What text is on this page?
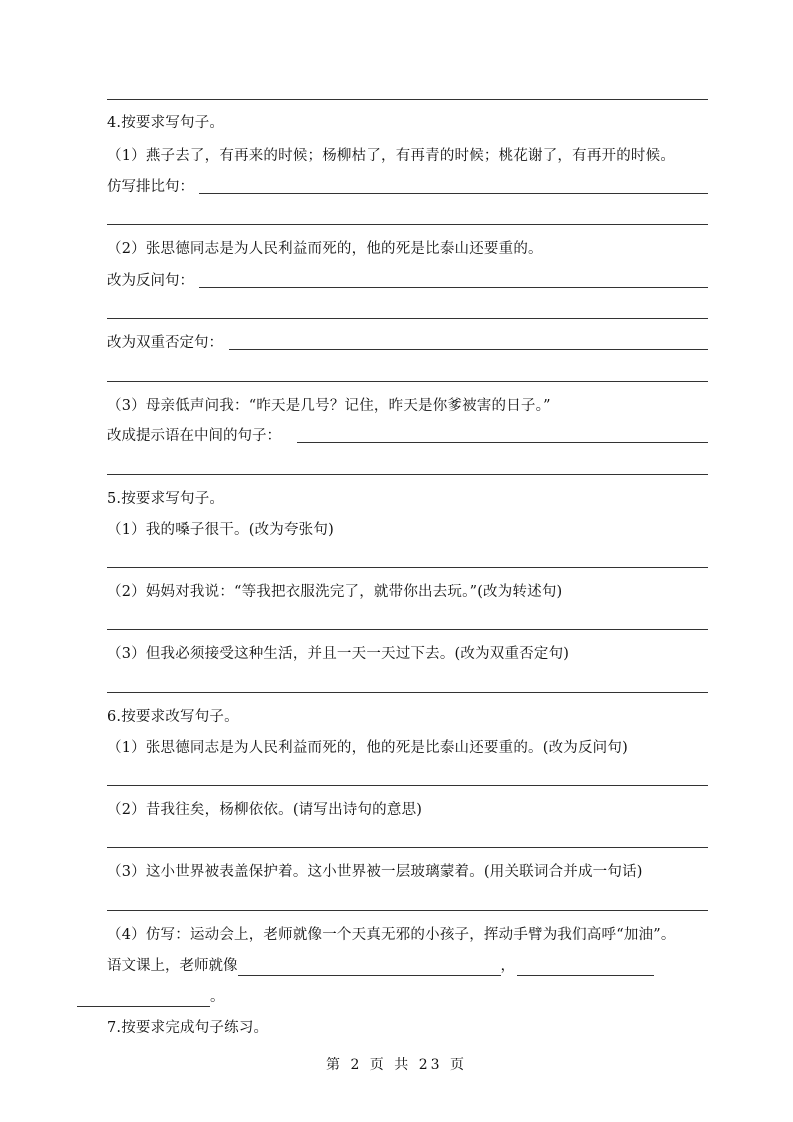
4.按要求写句子。
（1）燕子去了，有再来的时候；杨柳枯了，有再青的时候；桃花谢了，有再开的时候。
仿写排比句：
（2）张思德同志是为人民利益而死的，他的死是比泰山还要重的。
改为反问句：
改为双重否定句：
（3）母亲低声问我：“昨天是几号？记住，昨天是你爹被害的日子。”
改成提示语在中间的句子：
5.按要求写句子。
（1）我的嗓子很干。(改为夸张句)
（2）妈妈对我说：“等我把衣服洗完了，就带你出去玩。”(改为转述句)
（3）但我必须接受这种生活，并且一天一天过下去。(改为双重否定句)
6.按要求改写句子。
（1）张思德同志是为人民利益而死的，他的死是比泰山还要重的。(改为反问句)
（2）昔我往矣，杨柳依依。(请写出诗句的意思)
（3）这小世界被表盖保护着。这小世界被一层玻璃蒙着。(用关联词合并成一句话)
（4）仿写：运动会上，老师就像一个天真无邪的小孩子，挥动手臂为我们高呼“加油”。
语文课上，老师就像	，
。
7.按要求完成句子练习。
第 2 页 共 23 页
